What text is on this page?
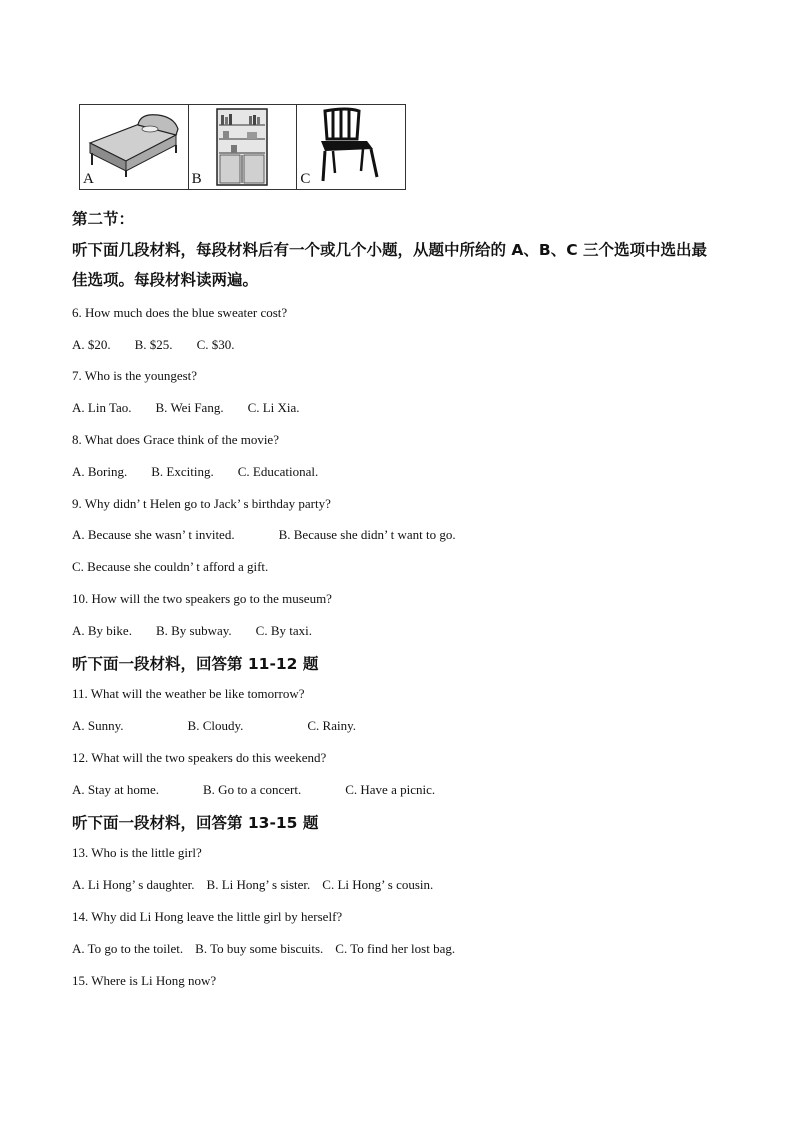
A	B	C
第二节：
听下面几段材料，每段材料后有一个或几个小题，从题中所给的 A、B、C 三个选项中选出最
佳选项。每段材料读两遍。
6. How much does the blue sweater cost?
A. $20. B. $25. C. $30.
7. Who is the youngest?
A. Lin Tao. B. Wei Fang. C. Li Xia.
8. What does Grace think of the movie?
A. Boring. B. Exciting. C. Educational.
9. Why didn’ t Helen go to Jack’ s birthday party?
A. Because she wasn’ t invited.	B. Because she didn’ t want to go.
C. Because she couldn’ t afford a gift.
10. How will the two speakers go to the museum?
A. By bike. B. By subway. C. By taxi.
听下面一段材料，回答第 11-12 题
11. What will the weather be like tomorrow?
A. Sunny.	B. Cloudy.	C. Rainy.
12. What will the two speakers do this weekend?
A. Stay at home.	B. Go to a concert.	C. Have a picnic.
听下面一段材料，回答第 13-15 题
13. Who is the little girl?
A. Li Hong’ s daughter. B. Li Hong’ s sister. C. Li Hong’ s cousin.
14. Why did Li Hong leave the little girl by herself?
A. To go to the toilet. B. To buy some biscuits. C. To find her lost bag.
15. Where is Li Hong now?
